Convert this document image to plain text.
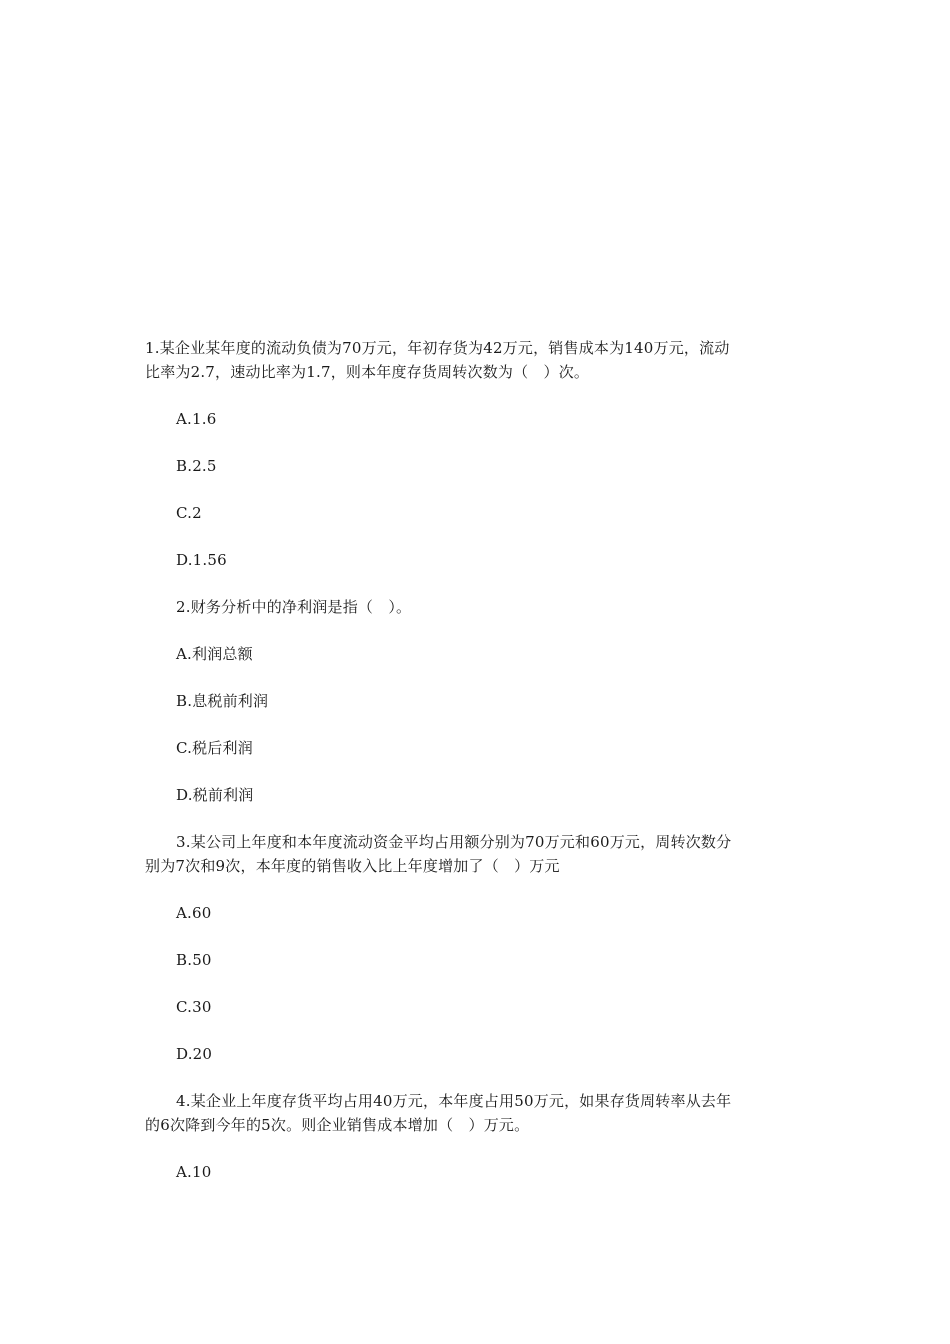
1.某企业某年度的流动负债为70万元，年初存货为42万元，销售成本为140万元，流动
比率为2.7，速动比率为1.7，则本年度存货周转次数为（　）次。
A.1.6
B.2.5
C.2
D.1.56
2.财务分析中的净利润是指（　）。
A.利润总额
B.息税前利润
C.税后利润
D.税前利润
3.某公司上年度和本年度流动资金平均占用额分别为70万元和60万元，周转次数分
别为7次和9次，本年度的销售收入比上年度增加了（　）万元
A.60
B.50
C.30
D.20
4.某企业上年度存货平均占用40万元，本年度占用50万元，如果存货周转率从去年
的6次降到今年的5次。则企业销售成本增加（　）万元。
A.10
